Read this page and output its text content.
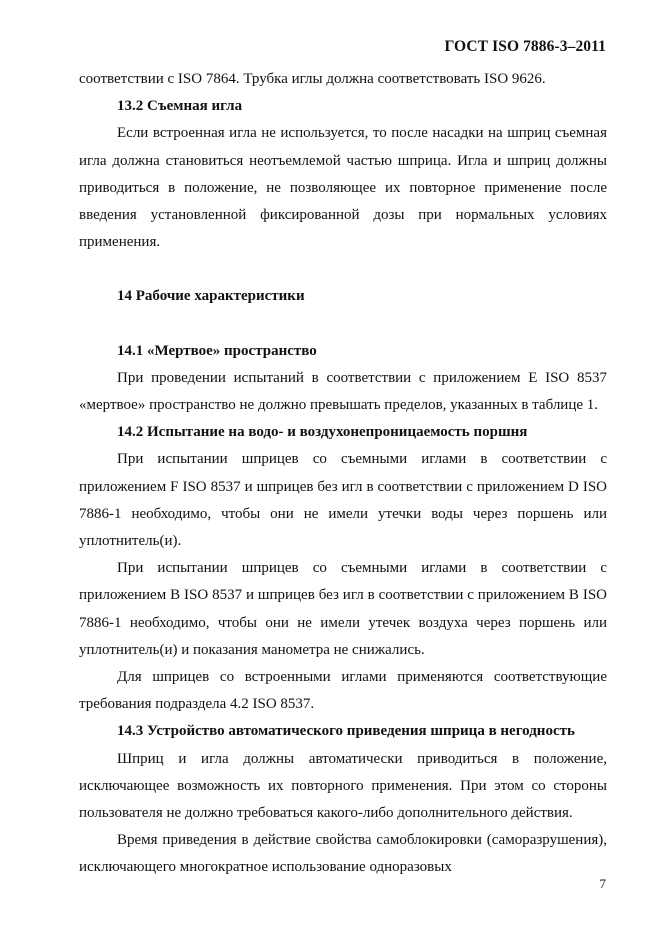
ГОСТ ISO 7886-3–2011

соответствии с ISO 7864. Трубка иглы должна соответствовать ISO 9626.

13.2 Съемная игла

Если встроенная игла не используется, то после насадки на шприц съемная игла должна становиться неотъемлемой частью шприца. Игла и шприц должны приводиться в положение, не позволяющее их повторное применение после введения установленной фиксированной дозы при нормальных условиях применения.

14 Рабочие характеристики

14.1 «Мертвое» пространство

При проведении испытаний в соответствии с приложением E ISO 8537 «мертвое» пространство не должно превышать пределов, указанных в таблице 1.

14.2 Испытание на водо- и воздухонепроницаемость поршня

При испытании шприцев со съемными иглами в соответствии с приложением F ISO 8537 и шприцев без игл в соответствии с приложением D ISO 7886-1 необходимо, чтобы они не имели утечки воды через поршень или уплотнитель(и).

При испытании шприцев со съемными иглами в соответствии с приложением B ISO 8537 и шприцев без игл в соответствии с приложением B ISO 7886-1 необходимо, чтобы они не имели утечек воздуха через поршень или уплотнитель(и) и показания манометра не снижались.

Для шприцев со встроенными иглами применяются соответствующие требования подраздела 4.2 ISO 8537.

14.3 Устройство автоматического приведения шприца в негодность

Шприц и игла должны автоматически приводиться в положение, исключающее возможность их повторного применения. При этом со стороны пользователя не должно требоваться какого-либо дополнительного действия.

Время приведения в действие свойства самоблокировки (саморазрушения), исключающего многократное использование одноразовых

7
